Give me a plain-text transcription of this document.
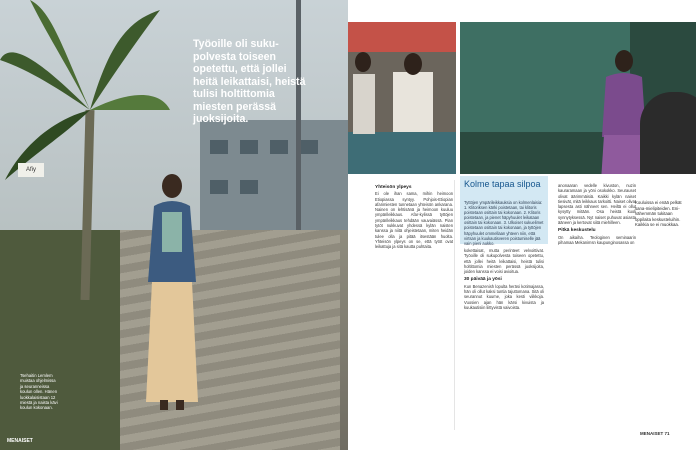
Afiy
Työoille oli suku-polvesta toiseen opetettu, että jollei heitä leikattaisi, heistä tulisi holtittomia miesten perässä juoksijoita.
Tsehaitin Lemlem muistaa ohjelmissa ja seuranneissa koulun ollen. Hänen luokkalaisistaan 12 miestä ja naista kävi koulun kokonaan.
MENAISET
Yhteisön ylpeys
Ei ole ihan sama, mihin heimoon Etiopiassa syntyy. Pohjois-Etiopian afarimiesten tunnetaan yhteisön ankarana. Nainen on lehtisänä ja heimoon kuuluu ympärileikkaus. Afar-kylissä tyttöjen ympärileikkaus tehdään vauvaiässä. Pian tytöt nukkuvat yhdessä kylän naisten kanssa ja niitä ohjeistetaan, miten heidän tulee olla ja pitää itsestään huolta. Yhteisön ylpeys on se, että tytöt ovat leikattuja ja sitä kautta puhtaita.
Kolme tapaa silpoa
Tyttöjen ympärileikkauksia on kolmenlaisia: 1. Klitoriksen kärki poistetaan, tai klitoris poistetaan osittain tai kokonaan. 2. Klitoris poistetaan, ja pienet häpyhuulet leikataan osittain tai kokonaan. 3. Ulkoiset sukuelimet poistetaan osittain tai kokonaan, ja tyttöjen häpyhuulet ommellaan yhteen niin, että virtsan ja kuukautisveren poistumiselle jää vain pieni aukko.
kokettaisat, mutta perinteet velvoittivat. Työoille oli sukupolvesta toiseen opetettu, että jollei heitä leikattaisi, heistä tulisi holtittomia miesten perässä juoksijoita, joiden kanssa ei voisi avioitua.
30 päivää ja yösi
Kun Benazenish lopulta heräsi kotimajassa, hän oli ollut kaksi tuntia tajuttomana. Sitä oli seurannut kuume, joka kesti viikkoja. Vuosien ajan hän kärsi kivuista ja kuukautisiin liittyvistä vaivoista.
anonaaran vedelle kivuston, nuzin kauraramaan ja yöni osokokko. Seurauset olivat äärimmäisiä. Kaikki kylän naiset tiesivät, mitä leikkaus tarkoitti. Naiset olivat lapsesta asti nähneet sen. Heiltä ei ollut kysytty mitään. Osa heistä kuoli synnytyksessä. Nyt naiset puhuvat asiasta ääneen ja kertovat siitä miehilleen.
Pitkä keskustelu
On aikaiha. Teologinen seminaarin pihamaa Mekanimsn kaupunginosassa on
Kouluissa ei enää pelkät sana-mielipiteiden. Eni-vähemmän tukitaan oppilaita keskusteluihin. Kaikkia se ei muokkaa.
MENAISET 71
